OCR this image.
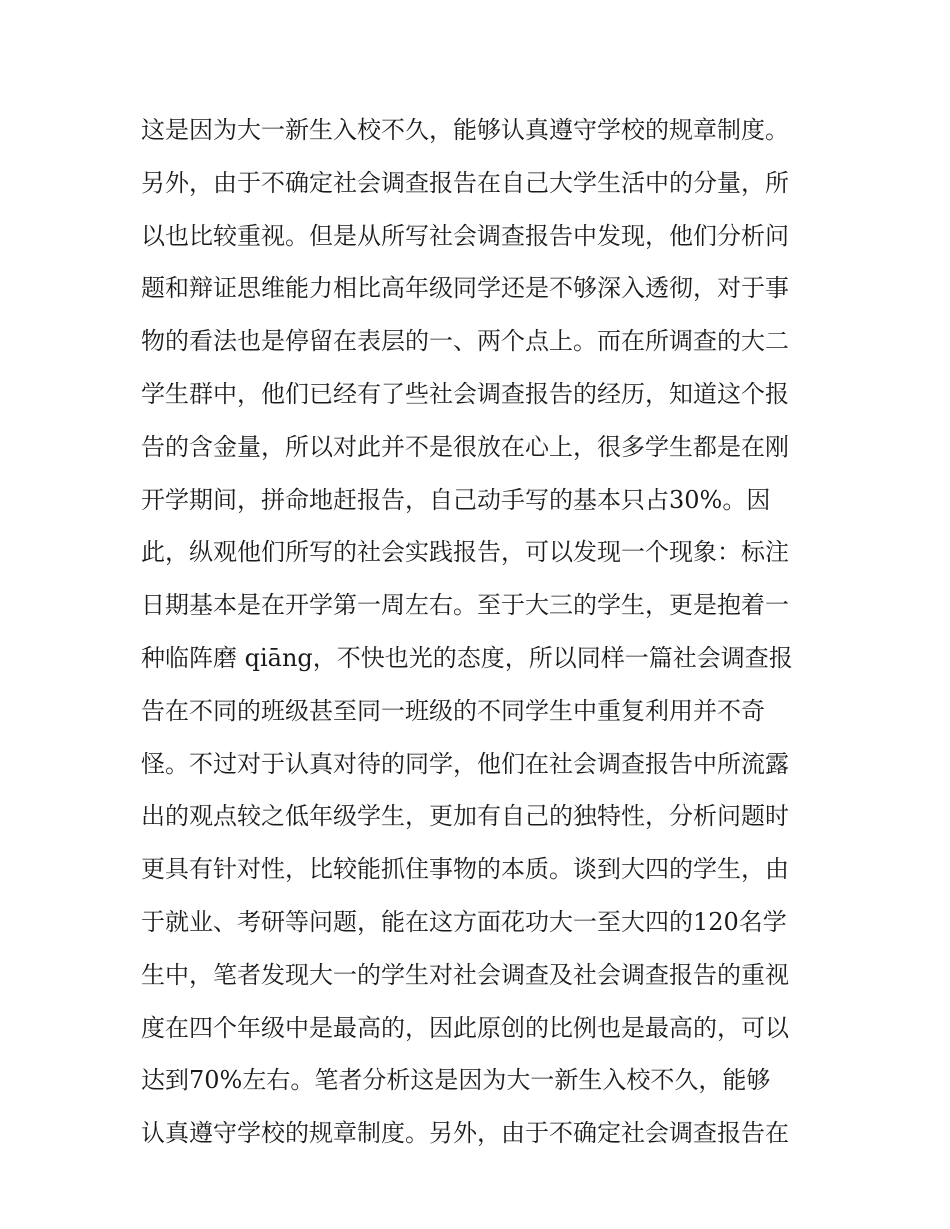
这是因为大一新生入校不久，能够认真遵守学校的规章制度。
另外，由于不确定社会调查报告在自己大学生活中的分量，所
以也比较重视。但是从所写社会调查报告中发现，他们分析问
题和辩证思维能力相比高年级同学还是不够深入透彻，对于事
物的看法也是停留在表层的一、两个点上。而在所调查的大二
学生群中，他们已经有了些社会调查报告的经历，知道这个报
告的含金量，所以对此并不是很放在心上，很多学生都是在刚
开学期间，拼命地赶报告，自己动手写的基本只占30%。因
此，纵观他们所写的社会实践报告，可以发现一个现象：标注
日期基本是在开学第一周左右。至于大三的学生，更是抱着一
种临阵磨 qiāng，不快也光的态度，所以同样一篇社会调查报
告在不同的班级甚至同一班级的不同学生中重复利用并不奇
怪。不过对于认真对待的同学，他们在社会调查报告中所流露
出的观点较之低年级学生，更加有自己的独特性，分析问题时
更具有针对性，比较能抓住事物的本质。谈到大四的学生，由
于就业、考研等问题，能在这方面花功大一至大四的120名学
生中，笔者发现大一的学生对社会调查及社会调查报告的重视
度在四个年级中是最高的，因此原创的比例也是最高的，可以
达到70%左右。笔者分析这是因为大一新生入校不久，能够
认真遵守学校的规章制度。另外，由于不确定社会调查报告在
